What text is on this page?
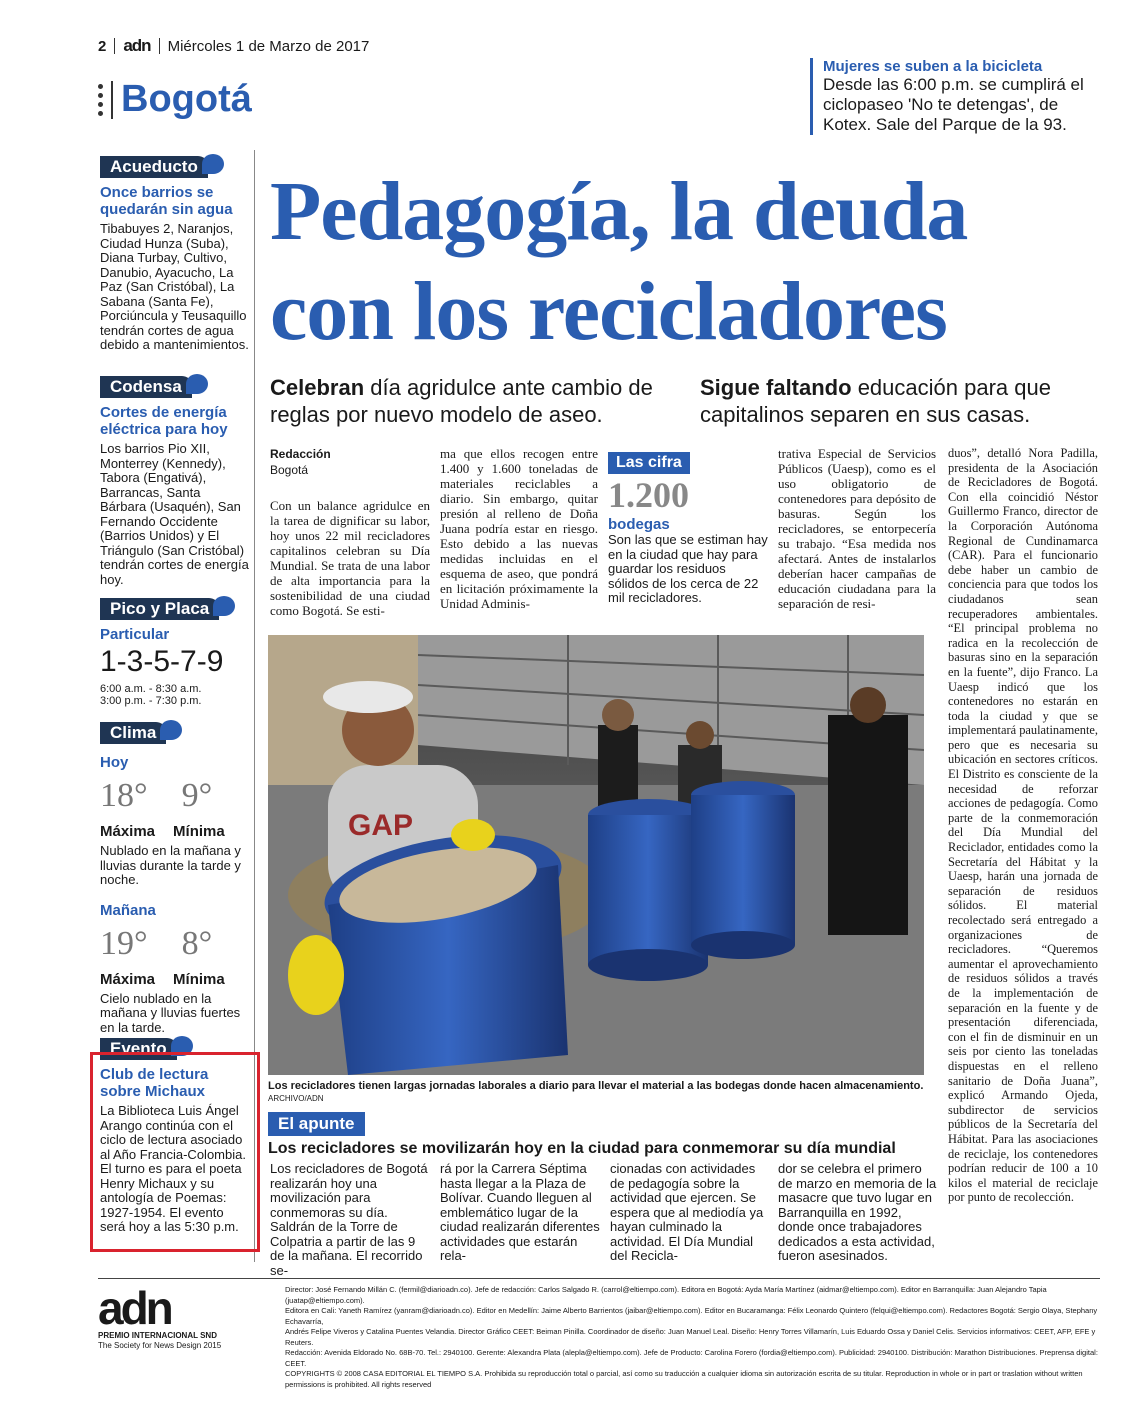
2 adn Miércoles 1 de Marzo de 2017
Bogotá
Mujeres se suben a la bicicleta
Desde las 6:00 p.m. se cumplirá el ciclopaseo 'No te detengas', de Kotex. Sale del Parque de la 93.
Acueducto
Once barrios se quedarán sin agua
Tibabuyes 2, Naranjos, Ciudad Hunza (Suba), Diana Turbay, Cultivo, Danubio, Ayacucho, La Paz (San Cristóbal), La Sabana (Santa Fe), Porciúncula y Teusaquillo tendrán cortes de agua debido a mantenimientos.
Codensa
Cortes de energía eléctrica para hoy
Los barrios Pio XII, Monterrey (Kennedy), Tabora (Engativá), Barrancas, Santa Bárbara (Usaquén), San Fernando Occidente (Barrios Unidos) y El Triángulo (San Cristóbal) tendrán cortes de energía hoy.
Pico y Placa
Particular
1-3-5-7-9
6:00 a.m. - 8:30 a.m.
3:00 p.m. - 7:30 p.m.
Clima
Hoy
18° 9°
Máxima Mínima
Nublado en la mañana y lluvias durante la tarde y noche.
Mañana
19° 8°
Máxima Mínima
Cielo nublado en la mañana y lluvias fuertes en la tarde.
Evento
Club de lectura sobre Michaux
La Biblioteca Luis Ángel Arango continúa con el ciclo de lectura asociado al Año Francia-Colombia. El turno es para el poeta Henry Michaux y su antología de Poemas: 1927-1954. El evento será hoy a las 5:30 p.m.
Pedagogía, la deuda
con los recicladores
Celebran día agridulce ante cambio de reglas por nuevo modelo de aseo.
Sigue faltando educación para que capitalinos separen en sus casas.
Redacción
Bogotá
Con un balance agridulce en la tarea de dignificar su labor, hoy unos 22 mil recicladores capitalinos celebran su Día Mundial. Se trata de una labor de alta importancia para la sostenibilidad de una ciudad como Bogotá. Se esti-
ma que ellos recogen entre 1.400 y 1.600 toneladas de materiales reciclables a diario. Sin embargo, quitar presión al relleno de Doña Juana podría estar en riesgo. Esto debido a las nuevas medidas incluidas en el esquema de aseo, que pondrá en licitación próximamente la Unidad Adminis-
Las cifra
1.200
bodegas
Son las que se estiman hay en la ciudad que hay para guardar los residuos sólidos de los cerca de 22 mil recicladores.
trativa Especial de Servicios Públicos (Uaesp), como es el uso obligatorio de contenedores para depósito de basuras. Según los recicladores, se entorpecería su trabajo. “Esa medida nos afectará. Antes de instalarlos deberían hacer campañas de educación ciudadana para la separación de resi-
duos”, detalló Nora Padilla, presidenta de la Asociación de Recicladores de Bogotá. Con ella coincidió Néstor Guillermo Franco, director de la Corporación Autónoma Regional de Cundinamarca (CAR). Para el funcionario debe haber un cambio de conciencia para que todos los ciudadanos sean recuperadores ambientales. “El principal problema no radica en la recolección de basuras sino en la separación en la fuente”, dijo Franco. La Uaesp indicó que los contenedores no estarán en toda la ciudad y que se implementará paulatinamente, pero que es necesaria su ubicación en sectores críticos. El Distrito es consciente de la necesidad de reforzar acciones de pedagogía. Como parte de la conmemoración del Día Mundial del Reciclador, entidades como la Secretaría del Hábitat y la Uaesp, harán una jornada de separación de residuos sólidos. El material recolectado será entregado a organizaciones de recicladores. “Queremos aumentar el aprovechamiento de residuos sólidos a través de la implementación de separación en la fuente y de presentación diferenciada, con el fin de disminuir en un seis por ciento las toneladas dispuestas en el relleno sanitario de Doña Juana”, explicó Armando Ojeda, subdirector de servicios públicos de la Secretaría del Hábitat. Para las asociaciones de reciclaje, los contenedores podrían reducir de 100 a 10 kilos el material de reciclaje por punto de recolección.
GAP
Los recicladores tienen largas jornadas laborales a diario para llevar el material a las bodegas donde hacen almacenamiento. ARCHIVO/ADN
El apunte
Los recicladores se movilizarán hoy en la ciudad para conmemorar su día mundial
Los recicladores de Bogotá realizarán hoy una movilización para conmemoras su día. Saldrán de la Torre de Colpatria a partir de las 9 de la mañana. El recorrido se-
rá por la Carrera Séptima hasta llegar a la Plaza de Bolívar. Cuando lleguen al emblemático lugar de la ciudad realizarán diferentes actividades que estarán rela-
cionadas con actividades de pedagogía sobre la actividad que ejercen. Se espera que al mediodía ya hayan culminado la actividad. El Día Mundial del Recicla-
dor se celebra el primero de marzo en memoria de la masacre que tuvo lugar en Barranquilla en 1992, donde once trabajadores dedicados a esta actividad, fueron asesinados.
adn
PREMIO INTERNACIONAL SND
The Society for News Design 2015
Director: José Fernando Millán C. (fermil@diarioadn.co). Jefe de redacción: Carlos Salgado R. (carrol@eltiempo.com). Editora en Bogotá: Ayda María Martínez (aidmar@eltiempo.com). Editor en Barranquilla: Juan Alejandro Tapia (juatap@eltiempo.com).
Editora en Cali: Yaneth Ramírez (yanram@diarioadn.co). Editor en Medellín: Jaime Alberto Barrientos (jaibar@eltiempo.com). Editor en Bucaramanga: Félix Leonardo Quintero (felqui@eltiempo.com). Redactores Bogotá: Sergio Olaya, Stephany Echavarría,
Andrés Felipe Viveros y Catalina Puentes Velandia. Director Gráfico CEET: Beiman Pinilla. Coordinador de diseño: Juan Manuel Leal. Diseño: Henry Torres Villamarín, Luis Eduardo Ossa y Daniel Celis. Servicios informativos: CEET, AFP, EFE y Reuters.
Redacción: Avenida Eldorado No. 68B-70. Tel.: 2940100. Gerente: Alexandra Plata (alepla@eltiempo.com). Jefe de Producto: Carolina Forero (fordia@eltiempo.com). Publicidad: 2940100. Distribución: Marathon Distribuciones. Preprensa digital: CEET.
COPYRIGHTS © 2008 CASA EDITORIAL EL TIEMPO S.A. Prohibida su reproducción total o parcial, así como su traducción a cualquier idioma sin autorización escrita de su titular. Reproduction in whole or in part or traslation without written permissions is prohibited. All rights reserved
